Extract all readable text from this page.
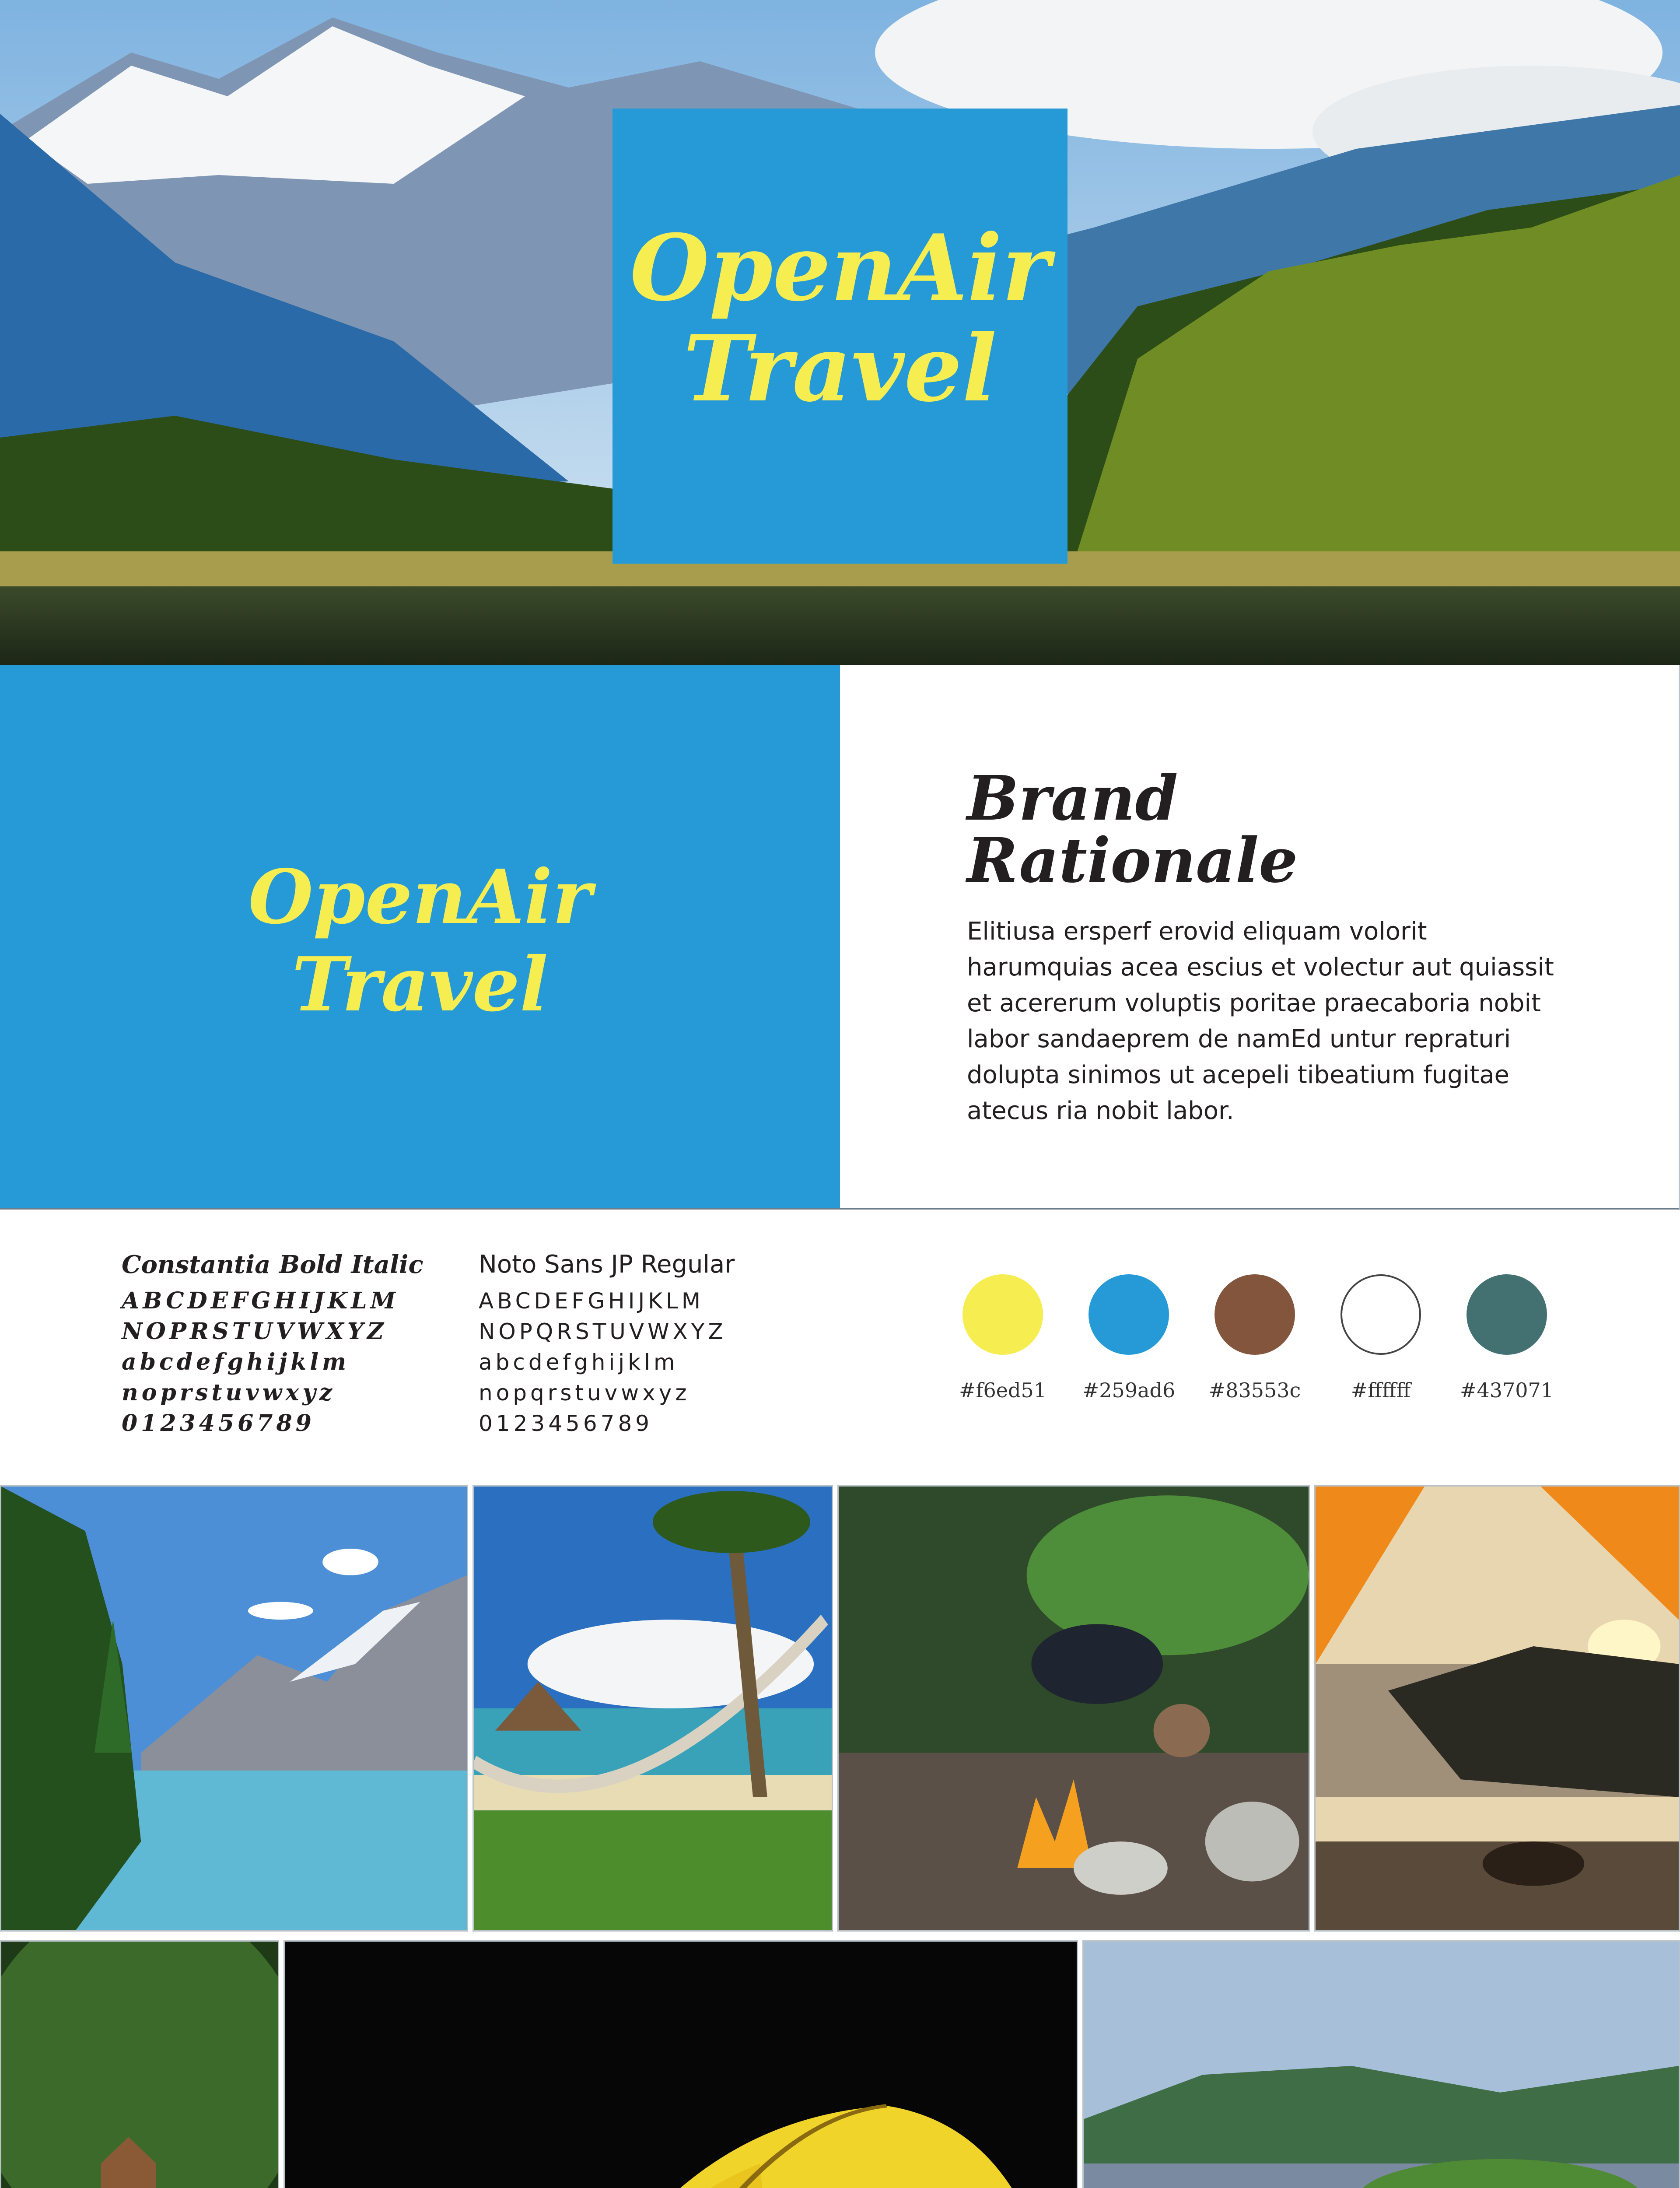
OpenAir
Travel
OpenAir
Travel
Brand
Rationale
Elitiusa ersperf erovid eliquam volorit
harumquias acea escius et volectur aut quiassit
et acererum voluptis poritae praecaboria nobit
labor sandaeprem de namEd untur repraturi
dolupta sinimos ut acepeli tibeatium fugitae
atecus ria nobit labor.
Constantia Bold Italic
ABCDEFGHIJKLM
NOPRSTUVWXYZ
abcdefghijklm
noprstuvwxyz
0123456789
Noto Sans JP Regular
ABCDEFGHIJKLM
NOPQRSTUVWXYZ
abcdefghijklm
nopqrstuvwxyz
0123456789
#f6ed51	#259ad6	#83553c	#ffffff	#437071
